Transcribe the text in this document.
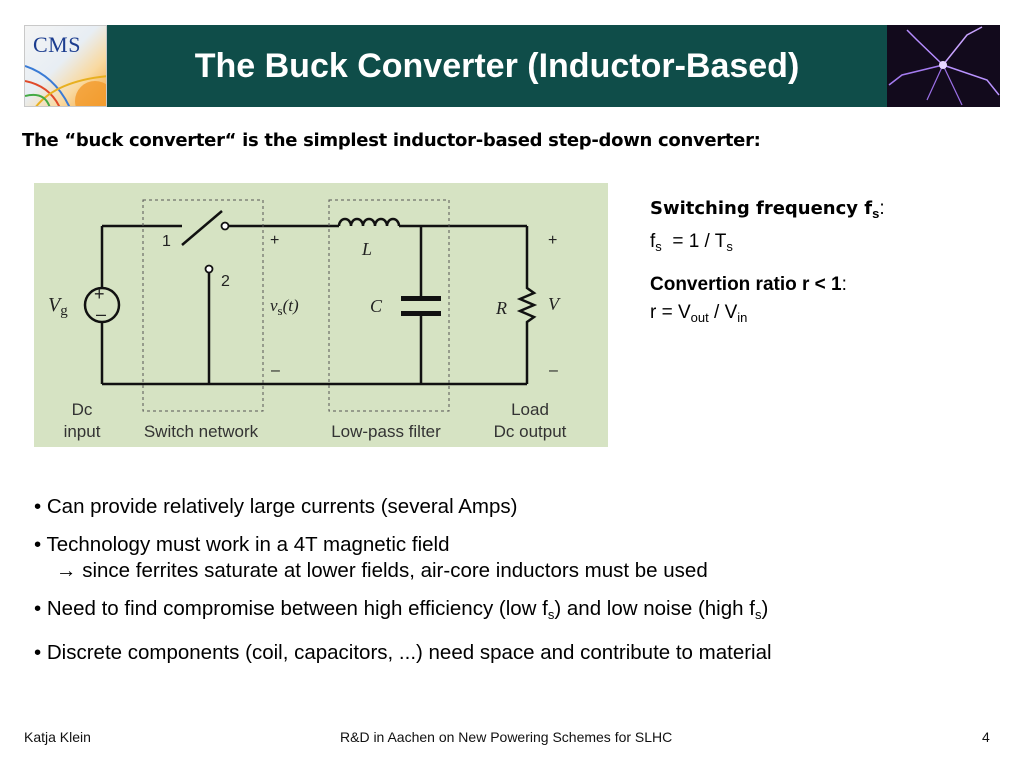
CMS
The Buck Converter (Inductor-Based)
The “buck converter“ is the simplest inductor-based step-down converter:
+
–
$V_g$
1
2
+
–
$v_s(t)$
L
C	R V
+
–
Dc
input	Switch network	Low-pass filter
Load
Dc output
Switching frequency $f_s$:
$f_s = 1 / T_s$
Convertion ratio r < 1:
$r = V_{out} / V_{in}$
• Can provide relatively large currents (several Amps)
• Technology must work in a 4T magnetic field
→ since ferrites saturate at lower fields, air-core inductors must be used
• Need to find compromise between high efficiency (low $f_s$) and low noise (high $f_s$)
• Discrete components (coil, capacitors, ...) need space and contribute to material
Katja Klein	R&D in Aachen on New Powering Schemes for SLHC	4
